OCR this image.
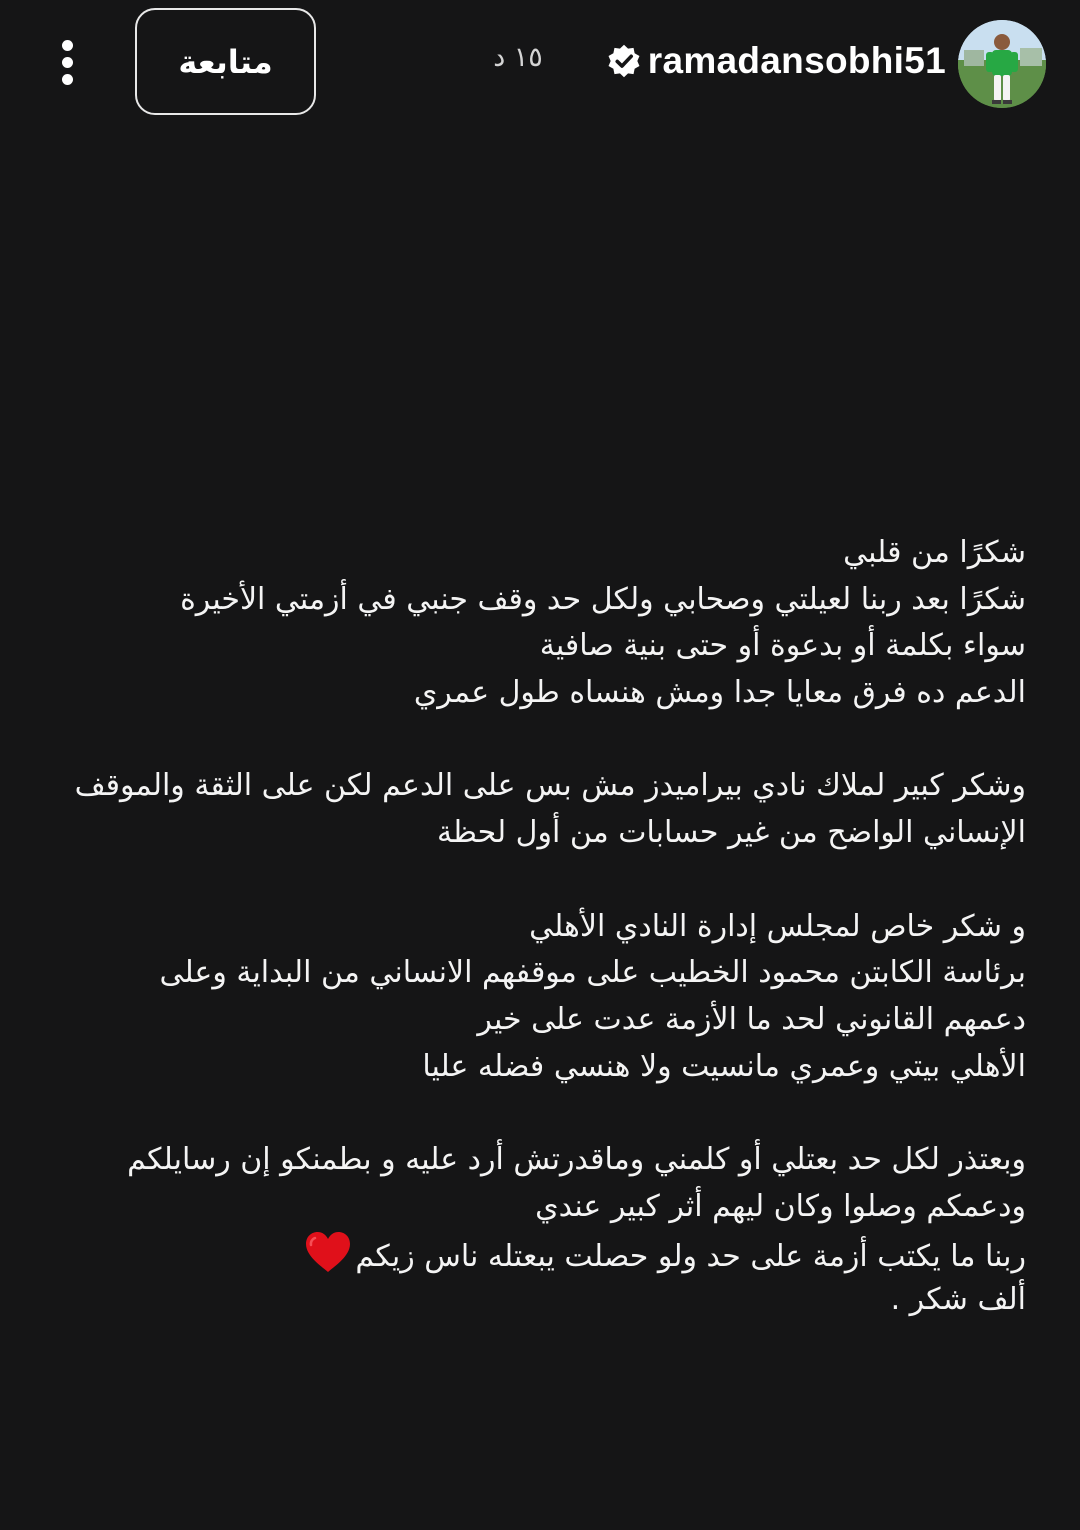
ramadansobhi51
١٥ د
متابعة
شكرًا من قلبي
شكرًا بعد ربنا لعيلتي وصحابي ولكل حد وقف جنبي في أزمتي الأخيرة
سواء بكلمة أو بدعوة أو حتى بنية صافية
الدعم ده فرق معايا جدا ومش هنساه طول عمري
وشكر كبير لملاك نادي بيراميدز مش بس على الدعم لكن على الثقة والموقف
الإنساني الواضح من غير حسابات من أول لحظة
و شكر خاص لمجلس إدارة النادي الأهلي
برئاسة الكابتن محمود الخطيب على موقفهم الانساني من البداية وعلى
دعمهم القانوني لحد ما الأزمة عدت على خير
الأهلي بيتي وعمري مانسيت ولا هنسي فضله عليا
وبعتذر لكل حد بعتلي أو كلمني وماقدرتش أرد عليه و بطمنكو إن رسايلكم
ودعمكم وصلوا وكان ليهم أثر كبير عندي
ربنا ما يكتب أزمة على حد ولو حصلت يبعتله ناس زيكم
ألف شكر .
